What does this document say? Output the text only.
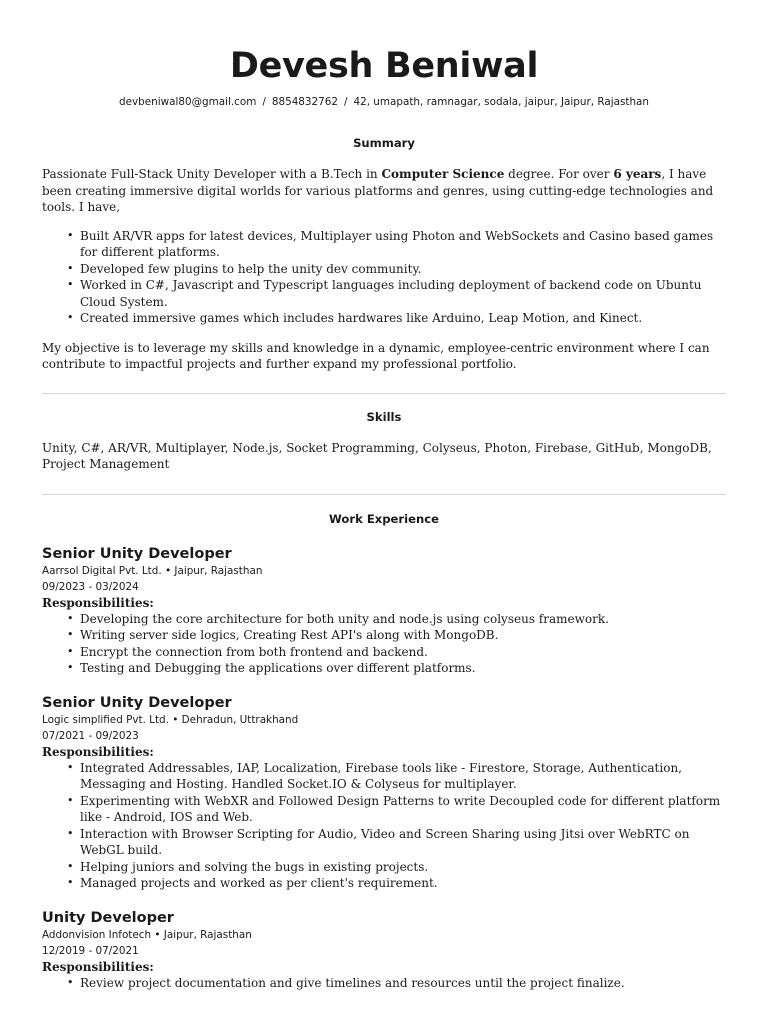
Devesh Beniwal
devbeniwal80@gmail.com / 8854832762 / 42, umapath, ramnagar, sodala, jaipur, Jaipur, Rajasthan
Summary

Passionate Full-Stack Unity Developer with a B.Tech in Computer Science degree. For over 6 years, I have been creating immersive digital worlds for various platforms and genres, using cutting-edge technologies and tools. I have,

• Built AR/VR apps for latest devices, Multiplayer using Photon and WebSockets and Casino based games for different platforms.
• Developed few plugins to help the unity dev community.
• Worked in C#, Javascript and Typescript languages including deployment of backend code on Ubuntu Cloud System.
• Created immersive games which includes hardwares like Arduino, Leap Motion, and Kinect.

My objective is to leverage my skills and knowledge in a dynamic, employee-centric environment where I can contribute to impactful projects and further expand my professional portfolio.

Skills

Unity, C#, AR/VR, Multiplayer, Node.js, Socket Programming, Colyseus, Photon, Firebase, GitHub, MongoDB, Project Management

Work Experience
Senior Unity Developer
Aarrsol Digital Pvt. Ltd. • Jaipur, Rajasthan
09/2023 - 03/2024
Responsibilities:
• Developing the core architecture for both unity and node.js using colyseus framework.
• Writing server side logics, Creating Rest API's along with MongoDB.
• Encrypt the connection from both frontend and backend.
• Testing and Debugging the applications over different platforms.
Senior Unity Developer
Logic simplified Pvt. Ltd. • Dehradun, Uttrakhand
07/2021 - 09/2023
Responsibilities:
• Integrated Addressables, IAP, Localization, Firebase tools like - Firestore, Storage, Authentication, Messaging and Hosting. Handled Socket.IO & Colyseus for multiplayer.
• Experimenting with WebXR and Followed Design Patterns to write Decoupled code for different platform like - Android, IOS and Web.
• Interaction with Browser Scripting for Audio, Video and Screen Sharing using Jitsi over WebRTC on WebGL build.
• Helping juniors and solving the bugs in existing projects.
• Managed projects and worked as per client's requirement.
Unity Developer
Addonvision Infotech • Jaipur, Rajasthan
12/2019 - 07/2021
Responsibilities:
• Review project documentation and give timelines and resources until the project finalize.
